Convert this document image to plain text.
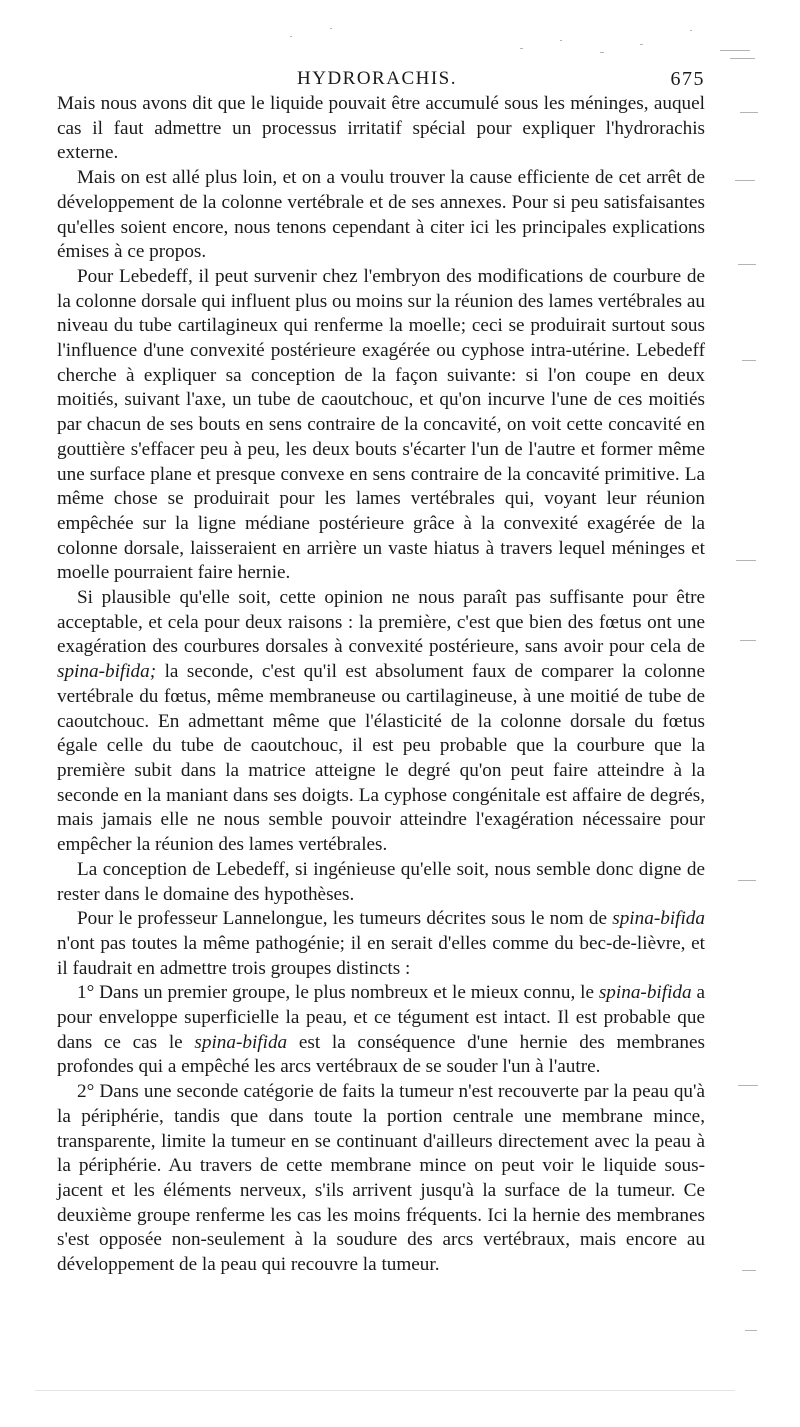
HYDRORACHIS.	675

Mais nous avons dit que le liquide pouvait être accumulé sous les méninges, auquel cas il faut admettre un processus irritatif spécial pour expliquer l'hydrorachis externe.

Mais on est allé plus loin, et on a voulu trouver la cause efficiente de cet arrêt de développement de la colonne vertébrale et de ses annexes. Pour si peu satisfaisantes qu'elles soient encore, nous tenons cependant à citer ici les principales explications émises à ce propos.

Pour Lebedeff, il peut survenir chez l'embryon des modifications de courbure de la colonne dorsale qui influent plus ou moins sur la réunion des lames vertébrales au niveau du tube cartilagineux qui renferme la moelle; ceci se produirait surtout sous l'influence d'une convexité postérieure exagérée ou cyphose intra-utérine. Lebedeff cherche à expliquer sa conception de la façon suivante: si l'on coupe en deux moitiés, suivant l'axe, un tube de caoutchouc, et qu'on incurve l'une de ces moitiés par chacun de ses bouts en sens contraire de la concavité, on voit cette concavité en gouttière s'effacer peu à peu, les deux bouts s'écarter l'un de l'autre et former même une surface plane et presque convexe en sens contraire de la concavité primitive. La même chose se produirait pour les lames vertébrales qui, voyant leur réunion empêchée sur la ligne médiane postérieure grâce à la convexité exagérée de la colonne dorsale, laisseraient en arrière un vaste hiatus à travers lequel méninges et moelle pourraient faire hernie.

Si plausible qu'elle soit, cette opinion ne nous paraît pas suffisante pour être acceptable, et cela pour deux raisons : la première, c'est que bien des fœtus ont une exagération des courbures dorsales à convexité postérieure, sans avoir pour cela de spina-bifida; la seconde, c'est qu'il est absolument faux de comparer la colonne vertébrale du fœtus, même membraneuse ou cartilagineuse, à une moitié de tube de caoutchouc. En admettant même que l'élasticité de la colonne dorsale du fœtus égale celle du tube de caoutchouc, il est peu probable que la courbure que la première subit dans la matrice atteigne le degré qu'on peut faire atteindre à la seconde en la maniant dans ses doigts. La cyphose congénitale est affaire de degrés, mais jamais elle ne nous semble pouvoir atteindre l'exagération nécessaire pour empêcher la réunion des lames vertébrales.

La conception de Lebedeff, si ingénieuse qu'elle soit, nous semble donc digne de rester dans le domaine des hypothèses.

Pour le professeur Lannelongue, les tumeurs décrites sous le nom de spina-bifida n'ont pas toutes la même pathogénie; il en serait d'elles comme du bec-de-lièvre, et il faudrait en admettre trois groupes distincts :

1° Dans un premier groupe, le plus nombreux et le mieux connu, le spina-bifida a pour enveloppe superficielle la peau, et ce tégument est intact. Il est probable que dans ce cas le spina-bifida est la conséquence d'une hernie des membranes profondes qui a empêché les arcs vertébraux de se souder l'un à l'autre.

2° Dans une seconde catégorie de faits la tumeur n'est recouverte par la peau qu'à la périphérie, tandis que dans toute la portion centrale une membrane mince, transparente, limite la tumeur en se continuant d'ailleurs directement avec la peau à la périphérie. Au travers de cette membrane mince on peut voir le liquide sous-jacent et les éléments nerveux, s'ils arrivent jusqu'à la surface de la tumeur. Ce deuxième groupe renferme les cas les moins fréquents. Ici la hernie des membranes s'est opposée non-seulement à la soudure des arcs vertébraux, mais encore au développement de la peau qui recouvre la tumeur.
